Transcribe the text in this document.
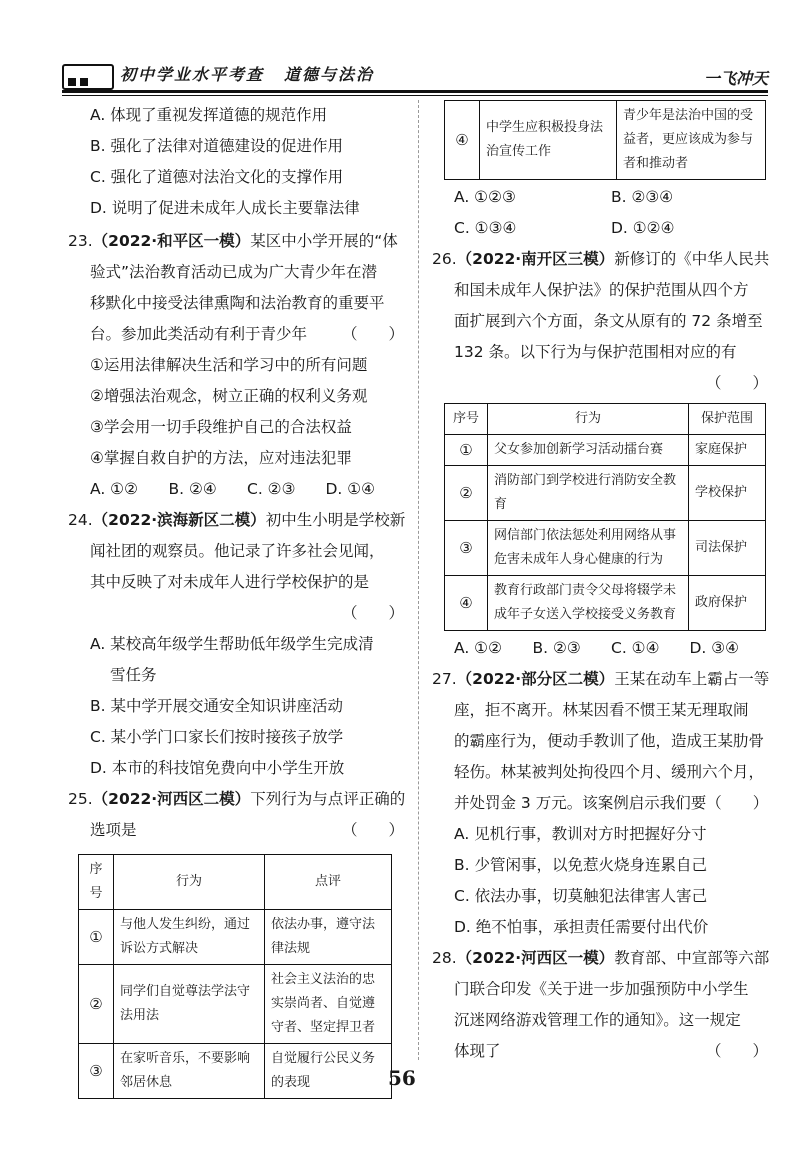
初中学业水平考查 道德与法治	一飞冲天

A. 体现了重视发挥道德的规范作用

B. 强化了法律对道德建设的促进作用

C. 强化了道德对法治文化的支撑作用

D. 说明了促进未成年人成长主要靠法律

23.（2022·和平区一模）某区中小学开展的“体

验式”法治教育活动已成为广大青少年在潜

移默化中接受法律熏陶和法治教育的重要平

台。参加此类活动有利于青少年 （　　）

①运用法律解决生活和学习中的所有问题

②增强法治观念，树立正确的权利义务观

③学会用一切手段维护自己的合法权益

④掌握自救自护的方法，应对违法犯罪

A. ①②	B. ②④	C. ②③	D. ①④

24.（2022·滨海新区二模）初中生小明是学校新

闻社团的观察员。他记录了许多社会见闻，

其中反映了对未成年人进行学校保护的是

（　　）

A. 某校高年级学生帮助低年级学生完成清

雪任务

B. 某中学开展交通安全知识讲座活动

C. 某小学门口家长们按时接孩子放学

D. 本市的科技馆免费向中小学生开放

25.（2022·河西区二模）下列行为与点评正确的

选项是	（　　）

序号	行为	点评
①	与他人发生纠纷，通过诉讼方式解决	依法办事，遵守法律法规
②	同学们自觉尊法学法守法用法	社会主义法治的忠实崇尚者、自觉遵守者、坚定捍卫者
③	在家听音乐，不要影响邻居休息	自觉履行公民义务的表现
④	中学生应积极投身法治宣传工作	青少年是法治中国的受益者，更应该成为参与者和推动者

A. ①②③	B. ②③④

C. ①③④	D. ①②④

26.（2022·南开区三模）新修订的《中华人民共

和国未成年人保护法》的保护范围从四个方

面扩展到六个方面，条文从原有的 72 条增至

132 条。以下行为与保护范围相对应的有

（　　）

序号	行为	保护范围
①	父女参加创新学习活动擂台赛	家庭保护
②	消防部门到学校进行消防安全教育	学校保护
③	网信部门依法惩处利用网络从事危害未成年人身心健康的行为	司法保护
④	教育行政部门责令父母将辍学未成年子女送入学校接受义务教育	政府保护

A. ①②	B. ②③	C. ①④	D. ③④

27.（2022·部分区二模）王某在动车上霸占一等

座，拒不离开。林某因看不惯王某无理取闹

的霸座行为，便动手教训了他，造成王某肋骨

轻伤。林某被判处拘役四个月、缓刑六个月，

并处罚金 3 万元。该案例启示我们要（　　）

A. 见机行事，教训对方时把握好分寸

B. 少管闲事，以免惹火烧身连累自己

C. 依法办事，切莫触犯法律害人害己

D. 绝不怕事，承担责任需要付出代价

28.（2022·河西区一模）教育部、中宣部等六部

门联合印发《关于进一步加强预防中小学生

沉迷网络游戏管理工作的通知》。这一规定

体现了	（　　）

56
